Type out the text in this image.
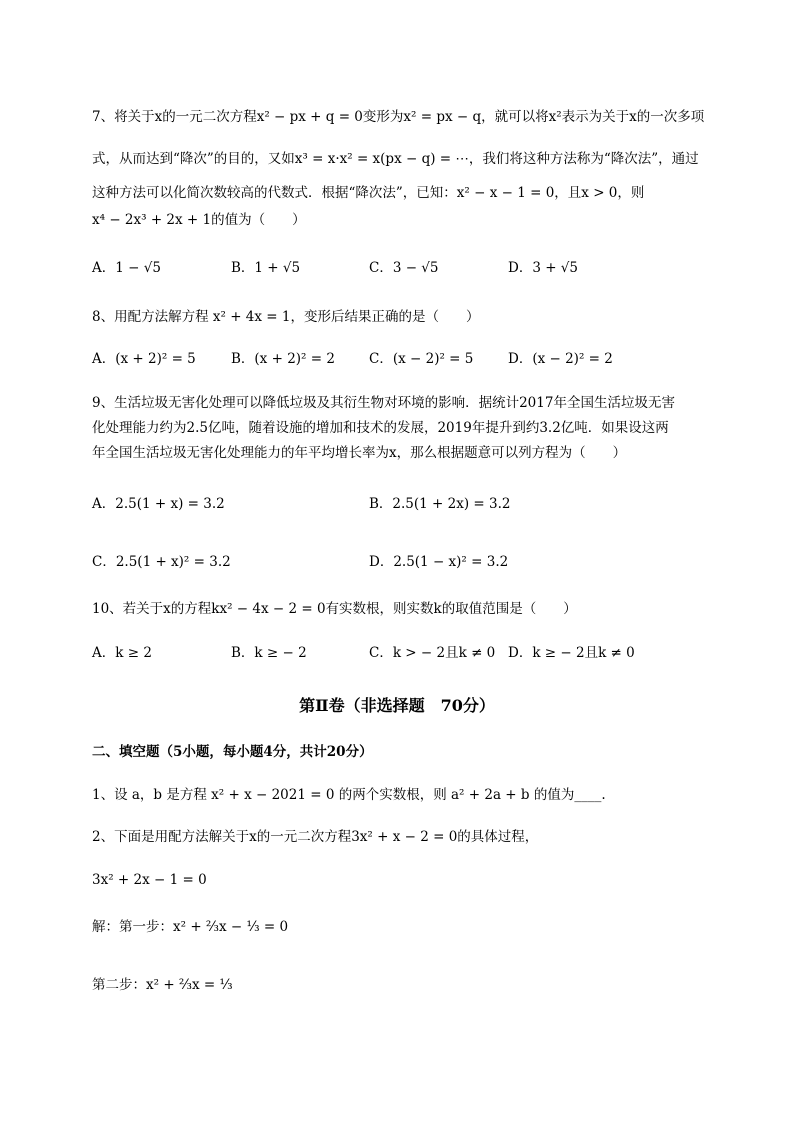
7、将关于x的一元二次方程x² − px + q = 0变形为x² = px − q，就可以将x²表示为关于x的一次多项
式，从而达到“降次”的目的，又如x³ = x·x² = x(px − q) = ⋯，我们将这种方法称为“降次法”，通过
这种方法可以化简次数较高的代数式．根据“降次法”，已知：x² − x − 1 = 0，且x > 0，则
x⁴ − 2x³ + 2x + 1的值为（　　）
A．1 − √5	B．1 + √5	C．3 − √5	D．3 + √5
8、用配方法解方程 x² + 4x = 1，变形后结果正确的是（　　）
A．(x + 2)² = 5	B．(x + 2)² = 2	C．(x − 2)² = 5	D．(x − 2)² = 2
9、生活垃圾无害化处理可以降低垃圾及其衍生物对环境的影响．据统计2017年全国生活垃圾无害
化处理能力约为2.5亿吨，随着设施的增加和技术的发展，2019年提升到约3.2亿吨．如果设这两
年全国生活垃圾无害化处理能力的年平均增长率为x，那么根据题意可以列方程为（　　）
A．2.5(1 + x) = 3.2	B．2.5(1 + 2x) = 3.2
C．2.5(1 + x)² = 3.2	D．2.5(1 − x)² = 3.2
10、若关于x的方程kx² − 4x − 2 = 0有实数根，则实数k的取值范围是（　　）
A．k ≥ 2	B．k ≥ − 2	C．k > − 2且k ≠ 0 D．k ≥ − 2且k ≠ 0
第Ⅱ卷（非选择题　70分）
二、填空题（5小题，每小题4分，共计20分）
1、设 a，b 是方程 x² + x − 2021 = 0 的两个实数根，则 a² + 2a + b 的值为____.
2、下面是用配方法解关于x的一元二次方程3x² + x − 2 = 0的具体过程，
3x² + 2x − 1 = 0
解：第一步：x² + ⅔x − ⅓ = 0
第二步：x² + ⅔x = ⅓
